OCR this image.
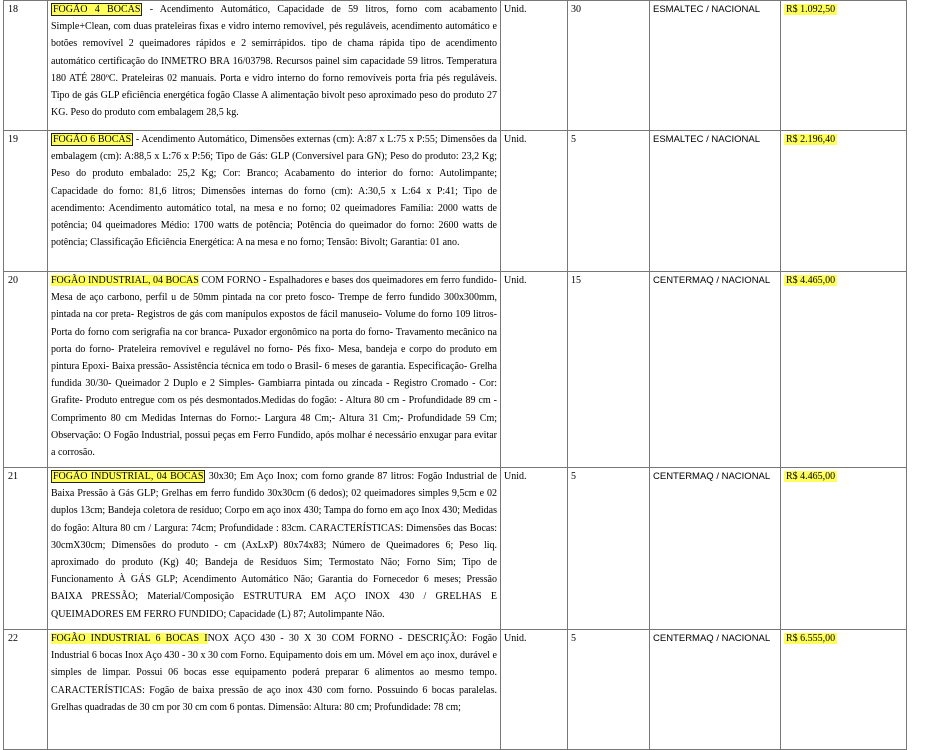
18	FOGÃO 4 BOCAS - Acendimento Automático, Capacidade de 59 litros, forno com acabamento Simple+Clean, com duas prateleiras fixas e vidro interno removível, pés reguláveis, acendimento automático e botões removível 2 queimadores rápidos e 2 semirrápidos. tipo de chama rápida tipo de acendimento automático certificação do INMETRO BRA 16/03798. Recursos painel sim capacidade 59 litros. Temperatura 180 ATÉ 280ºC. Prateleiras 02 manuais. Porta e vidro interno do forno removíveis porta fria pés reguláveis. Tipo de gás GLP eficiência energética fogão Classe A alimentação bivolt peso aproximado peso do produto 27 KG. Peso do produto com embalagem 28,5 kg.	Unid.	30	ESMALTEC / NACIONAL	R$ 1.092,50
19	FOGÃO 6 BOCAS - Acendimento Automático, Dimensões externas (cm): A:87 x L:75 x P:55; Dimensões da embalagem (cm): A:88,5 x L:76 x P:56; Tipo de Gás: GLP (Conversível para GN); Peso do produto: 23,2 Kg; Peso do produto embalado: 25,2 Kg; Cor: Branco; Acabamento do interior do forno: Autolimpante; Capacidade do forno: 81,6 litros; Dimensões internas do forno (cm): A:30,5 x L:64 x P:41; Tipo de acendimento: Acendimento automático total, na mesa e no forno; 02 queimadores Família: 2000 watts de potência; 04 queimadores Médio: 1700 watts de potência; Potência do queimador do forno: 2600 watts de potência; Classificação Eficiência Energética: A na mesa e no forno; Tensão: Bivolt; Garantia: 01 ano.	Unid.	5	ESMALTEC / NACIONAL	R$ 2.196,40
20	FOGÃO INDUSTRIAL, 04 BOCAS COM FORNO - Espalhadores e bases dos queimadores em ferro fundido- Mesa de aço carbono, perfil u de 50mm pintada na cor preto fosco- Trempe de ferro fundido 300x300mm, pintada na cor preta- Registros de gás com manípulos expostos de fácil manuseio- Volume do forno 109 litros- Porta do forno com serigrafia na cor branca- Puxador ergonômico na porta do forno- Travamento mecânico na porta do forno- Prateleira removível e regulável no forno- Pés fixo- Mesa, bandeja e corpo do produto em pintura Epoxi- Baixa pressão- Assistência técnica em todo o Brasil- 6 meses de garantia. Especificação- Grelha fundida 30/30- Queimador 2 Duplo e 2 Simples- Gambiarra pintada ou zincada - Registro Cromado - Cor: Grafite- Produto entregue com os pés desmontados.Medidas do fogão: - Altura 80 cm - Profundidade 89 cm - Comprimento 80 cm Medidas Internas do Forno:- Largura 48 Cm;- Altura 31 Cm;- Profundidade 59 Cm; Observação: O Fogão Industrial, possui peças em Ferro Fundido, após molhar é necessário enxugar para evitar a corrosão.	Unid.	15	CENTERMAQ / NACIONAL	R$ 4.465,00
21	FOGÃO INDUSTRIAL, 04 BOCAS 30x30; Em Aço Inox; com forno grande 87 litros: Fogão Industrial de Baixa Pressão à Gás GLP; Grelhas em ferro fundido 30x30cm (6 dedos); 02 queimadores simples 9,5cm e 02 duplos 13cm; Bandeja coletora de resíduo; Corpo em aço inox 430; Tampa do forno em aço Inox 430; Medidas do fogão: Altura 80 cm / Largura: 74cm; Profundidade : 83cm. CARACTERÍSTICAS: Dimensões das Bocas: 30cmX30cm; Dimensões do produto - cm (AxLxP) 80x74x83; Número de Queimadores 6; Peso liq. aproximado do produto (Kg) 40; Bandeja de Resíduos Sim; Termostato Não; Forno Sim; Tipo de Funcionamento À GÁS GLP; Acendimento Automático Não; Garantia do Fornecedor 6 meses; Pressão BAIXA PRESSÃO; Material/Composição ESTRUTURA EM AÇO INOX 430 / GRELHAS E QUEIMADORES EM FERRO FUNDIDO; Capacidade (L) 87; Autolimpante Não.	Unid.	5	CENTERMAQ / NACIONAL	R$ 4.465,00
22	FOGÃO INDUSTRIAL 6 BOCAS INOX AÇO 430 - 30 X 30 COM FORNO - DESCRIÇÃO: Fogão Industrial 6 bocas Inox Aço 430 - 30 x 30 com Forno. Equipamento dois em um. Móvel em aço inox, durável e simples de limpar. Possui 06 bocas esse equipamento poderá preparar 6 alimentos ao mesmo tempo. CARACTERÍSTICAS: Fogão de baixa pressão de aço inox 430 com forno. Possuindo 6 bocas paralelas. Grelhas quadradas de 30 cm por 30 cm com 6 pontas. Dimensão: Altura: 80 cm; Profundidade: 78 cm;	Unid.	5	CENTERMAQ / NACIONAL	R$ 6.555,00
